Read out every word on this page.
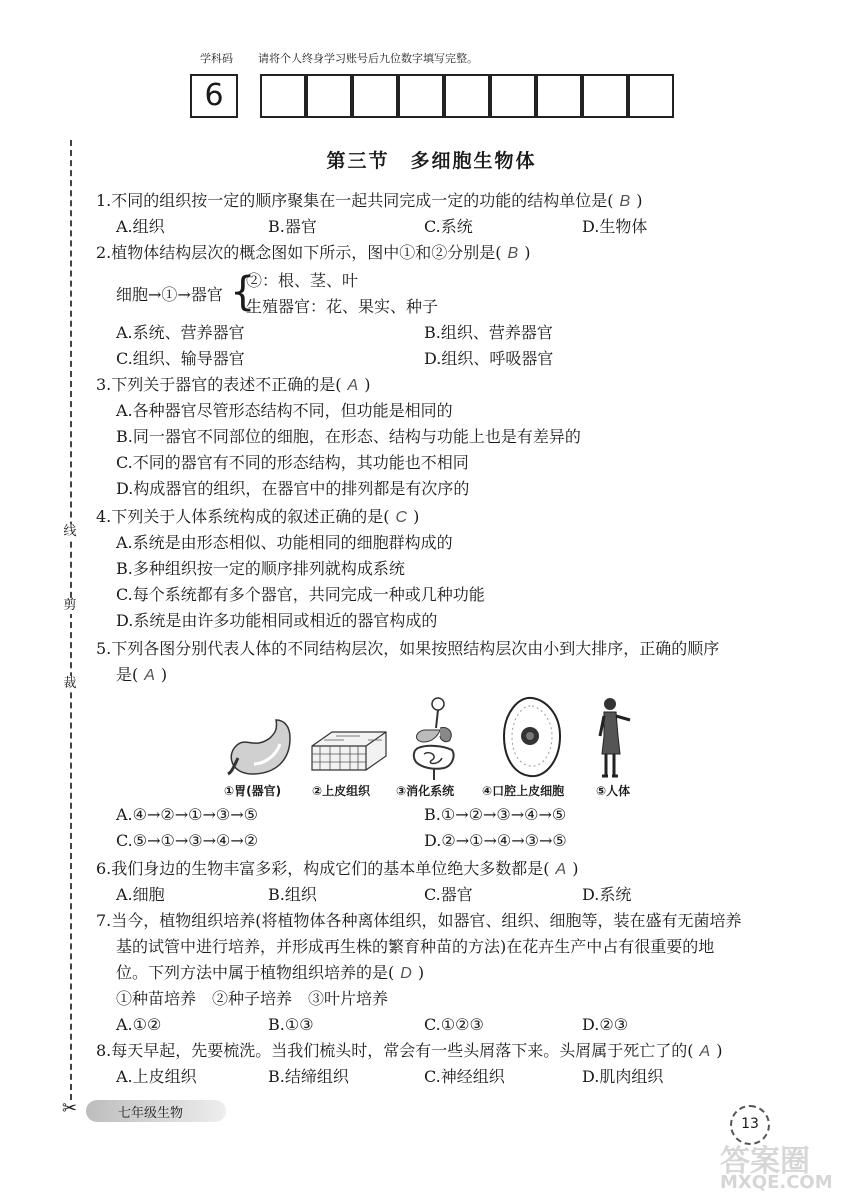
学科码 请将个人终身学习账号后九位数字填写完整。
6
线
剪
裁
✂
第三节　多细胞生物体
1.不同的组织按一定的顺序聚集在一起共同完成一定的功能的结构单位是( B )
A.组织	B.器官	C.系统	D.生物体
2.植物体结构层次的概念图如下所示，图中①和②分别是( B )
细胞→①→器官 {
②：根、茎、叶
生殖器官：花、果实、种子
A.系统、营养器官	B.组织、营养器官
C.组织、输导器官	D.组织、呼吸器官
3.下列关于器官的表述不正确的是( A )
A.各种器官尽管形态结构不同，但功能是相同的
B.同一器官不同部位的细胞，在形态、结构与功能上也是有差异的
C.不同的器官有不同的形态结构，其功能也不相同
D.构成器官的组织，在器官中的排列都是有次序的
4.下列关于人体系统构成的叙述正确的是( C )
A.系统是由形态相似、功能相同的细胞群构成的
B.多种组织按一定的顺序排列就构成系统
C.每个系统都有多个器官，共同完成一种或几种功能
D.系统是由许多功能相同或相近的器官构成的
5.下列各图分别代表人体的不同结构层次，如果按照结构层次由小到大排序，正确的顺序
是( A )
①胃(器官)	②上皮组织 ③消化系统 ④口腔上皮细胞	⑤人体
A.④→②→①→③→⑤	B.①→②→③→④→⑤
C.⑤→①→③→④→②	D.②→①→④→③→⑤
6.我们身边的生物丰富多彩，构成它们的基本单位绝大多数都是( A )
A.细胞	B.组织	C.器官	D.系统
7.当今，植物组织培养(将植物体各种离体组织，如器官、组织、细胞等，装在盛有无菌培养
基的试管中进行培养，并形成再生株的繁育种苗的方法)在花卉生产中占有很重要的地
位。下列方法中属于植物组织培养的是( D )
①种苗培养　②种子培养　③叶片培养
A.①②	B.①③	C.①②③	D.②③
8.每天早起，先要梳洗。当我们梳头时，常会有一些头屑落下来。头屑属于死亡了的( A )
A.上皮组织	B.结缔组织	C.神经组织	D.肌肉组织
七年级生物
13
答案圈
MXQE.COM
